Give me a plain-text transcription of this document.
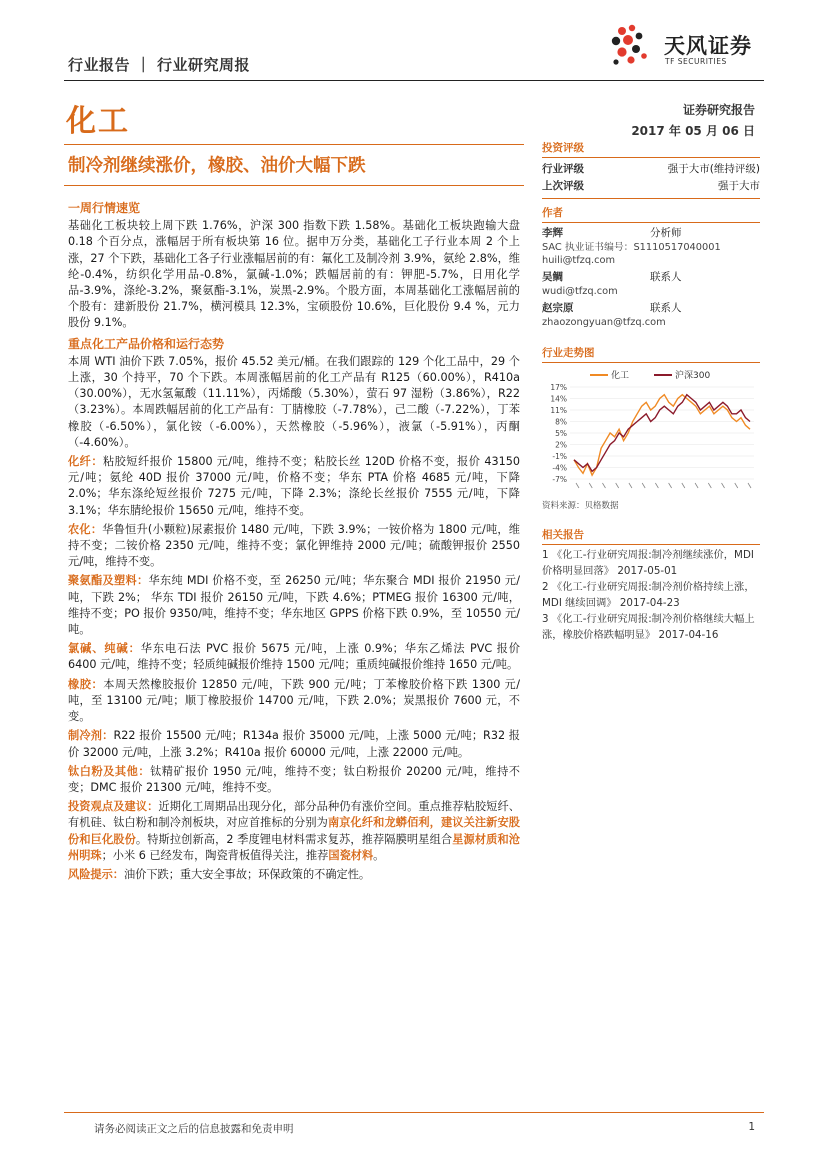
行业报告 ｜ 行业研究周报
化工	证券研究报告
2017 年 05 月 06 日
制冷剂继续涨价，橡胶、油价大幅下跌
天风证券
TF SECURITIES
一周行情速览

基础化工板块较上周下跌 1.76%，沪深 300 指数下跌 1.58%。基础化工板块跑输大盘 0.18 个百分点，涨幅居于所有板块第 16 位。据申万分类，基础化工子行业本周 2 个上涨，27 个下跌，基础化工各子行业涨幅居前的有：氟化工及制冷剂 3.9%，氨纶 2.8%，维纶-0.4%，纺织化学用品-0.8%，氯碱-1.0%；跌幅居前的有：钾肥-5.7%，日用化学品-3.9%，涤纶-3.2%，聚氨酯-3.1%，炭黑-2.9%。个股方面，本周基础化工涨幅居前的个股有：建新股份 21.7%，横河模具 12.3%，宝硕股份 10.6%，巨化股份 9.4 %，元力股份 9.1%。

重点化工产品价格和运行态势

本周 WTI 油价下跌 7.05%，报价 45.52 美元/桶。在我们跟踪的 129 个化工品中，29 个上涨，30 个持平，70 个下跌。本周涨幅居前的化工产品有 R125（60.00%），R410a（30.00%），无水氢氟酸（11.11%），丙烯酸（5.30%），萤石 97 湿粉（3.86%），R22（3.23%）。本周跌幅居前的化工产品有：丁腈橡胶（-7.78%），己二酸（-7.22%），丁苯橡胶（-6.50%），氯化铵（-6.00%），天然橡胶（-5.96%），液氯（-5.91%），丙酮（-4.60%）。

化纤：粘胶短纤报价 15800 元/吨，维持不变；粘胶长丝 120D 价格不变，报价 43150 元/吨；氨纶 40D 报价 37000 元/吨，价格不变；华东 PTA 价格 4685 元/吨，下降 2.0%；华东涤纶短丝报价 7275 元/吨，下降 2.3%；涤纶长丝报价 7555 元/吨，下降 3.1%；华东腈纶报价 15650 元/吨，维持不变。

农化：华鲁恒升(小颗粒)尿素报价 1480 元/吨，下跌 3.9%；一铵价格为 1800 元/吨，维持不变；二铵价格 2350 元/吨，维持不变；氯化钾维持 2000 元/吨；硫酸钾报价 2550 元/吨，维持不变。

聚氨酯及塑料：华东纯 MDI 价格不变，至 26250 元/吨；华东聚合 MDI 报价 21950 元/吨，下跌 2%； 华东 TDI 报价 26150 元/吨，下跌 4.6%；PTMEG 报价 16300 元/吨，维持不变；PO 报价 9350/吨，维持不变；华东地区 GPPS 价格下跌 0.9%，至 10550 元/吨。

氯碱、纯碱：华东电石法 PVC 报价 5675 元/吨，上涨 0.9%；华东乙烯法 PVC 报价 6400 元/吨，维持不变；轻质纯碱报价维持 1500 元/吨；重质纯碱报价维持 1650 元/吨。

橡胶：本周天然橡胶报价 12850 元/吨，下跌 900 元/吨；丁苯橡胶价格下跌 1300 元/吨，至 13100 元/吨；顺丁橡胶报价 14700 元/吨，下跌 2.0%；炭黑报价 7600 元，不变。

制冷剂：R22 报价 15500 元/吨；R134a 报价 35000 元/吨，上涨 5000 元/吨；R32 报价 32000 元/吨，上涨 3.2%；R410a 报价 60000 元/吨，上涨 22000 元/吨。

钛白粉及其他：钛精矿报价 1950 元/吨，维持不变；钛白粉报价 20200 元/吨，维持不变；DMC 报价 21300 元/吨，维持不变。

投资观点及建议：近期化工周期品出现分化，部分品种仍有涨价空间。重点推荐粘胶短纤、有机硅、钛白粉和制冷剂板块，对应首推标的分别为南京化纤和龙蟒佰利，建议关注新安股份和巨化股份。特斯拉创新高，2 季度锂电材料需求复苏，推荐隔膜明星组合星源材质和沧州明珠；小米 6 已经发布，陶瓷背板值得关注，推荐国瓷材料。

风险提示：油价下跌；重大安全事故；环保政策的不确定性。

投资评级
行业评级	强于大市(维持评级)
上次评级	强于大市
作者
李辉	分析师
SAC 执业证书编号：S1110517040001
huili@tfzq.com
吴鲷	联系人
wudi@tfzq.com
赵宗原	联系人
zhaozongyuan@tfzq.com
行业走势图
17%
14%
11%
8%
5%
2%
-1%
-4%
-7%
化工	沪深300
资料来源：贝格数据
相关报告
1 《化工-行业研究周报:制冷剂继续涨价，MDI 价格明显回落》 2017-05-01
2 《化工-行业研究周报:制冷剂价格持续上涨，MDI 继续回调》 2017-04-23
3 《化工-行业研究周报:制冷剂价格继续大幅上涨，橡胶价格跌幅明显》 2017-04-16
请务必阅读正文之后的信息披露和免责申明	1
